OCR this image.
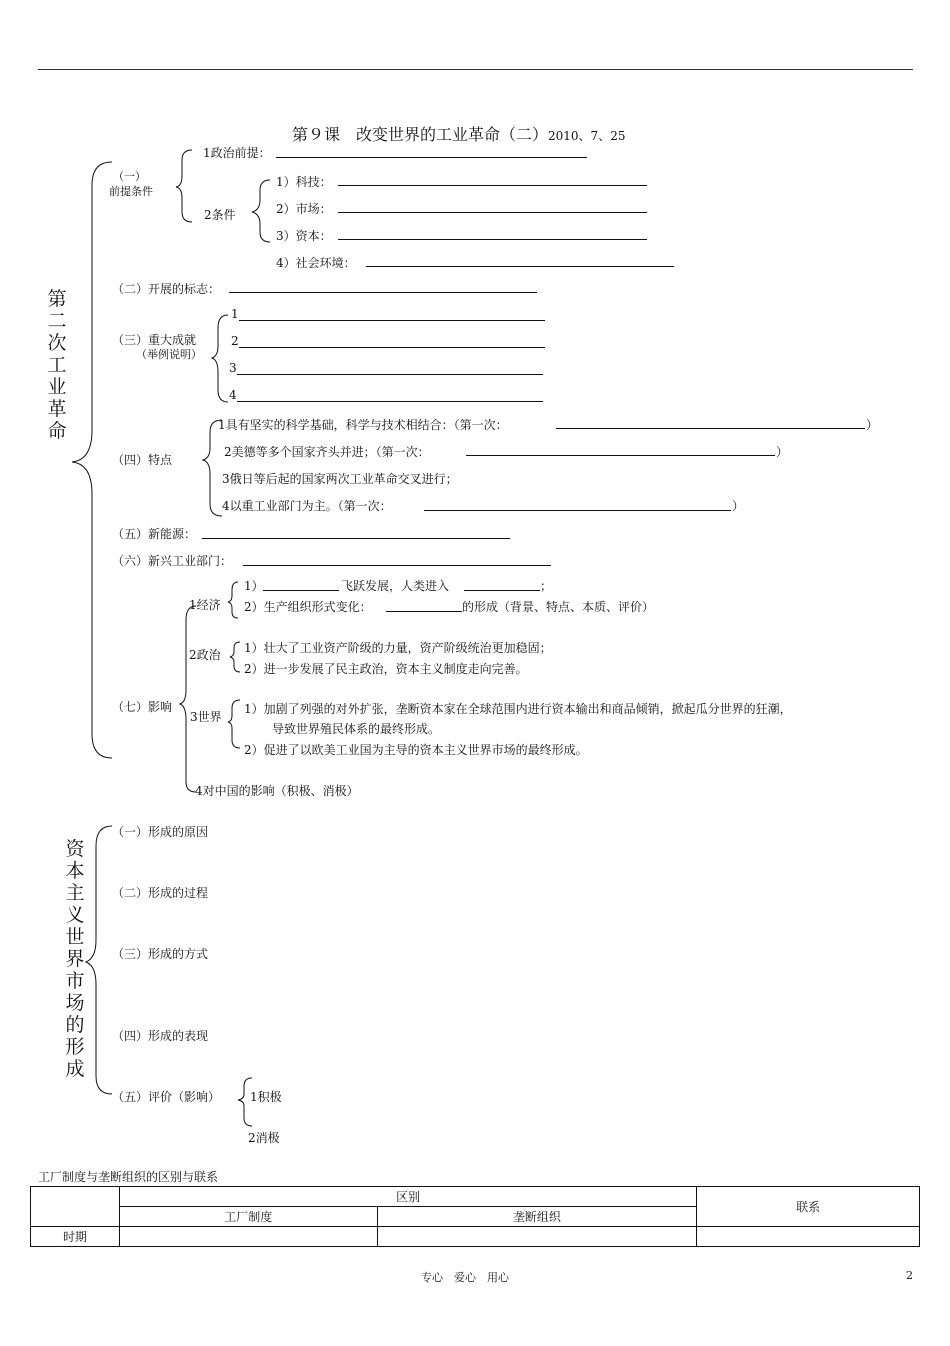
第９课　改变世界的工业革命（二）2010、7、25
第二次工业革命
（一）
前提条件
1政治前提：
2条件
1）科技：
2）市场：
3）资本：
4）社会环境：
（二）开展的标志：
（三）重大成就
（举例说明）
1
2
3
4
（四）特点
1具有坚实的科学基础，科学与技术相结合：（第一次：	）
2美德等多个国家齐头并进；（第一次：	）
3俄日等后起的国家两次工业革命交叉进行；
4以重工业部门为主。（第一次：	）
（五）新能源：
（六）新兴工业部门：
（七）影响
1经济
1）	飞跃发展，人类进入	；
2）生产组织形式变化：	的形成（背景、特点、本质、评价）
2政治 1）壮大了工业资产阶级的力量，资产阶级统治更加稳固；
2）进一步发展了民主政治，资本主义制度走向完善。
3世界
1）加剧了列强的对外扩张，垄断资本家在全球范围内进行资本输出和商品倾销，掀起瓜分世界的狂潮，
导致世界殖民体系的最终形成。
2）促进了以欧美工业国为主导的资本主义世界市场的最终形成。
4对中国的影响（积极、消极）
资本主义世界市场的形成
（一）形成的原因
（二）形成的过程
（三）形成的方式
（四）形成的表现
（五）评价（影响） 1积极
2消极
工厂制度与垄断组织的区别与联系
	区别		联系
	工厂制度	垄断组织	
时期			
专心　爱心　用心	2
